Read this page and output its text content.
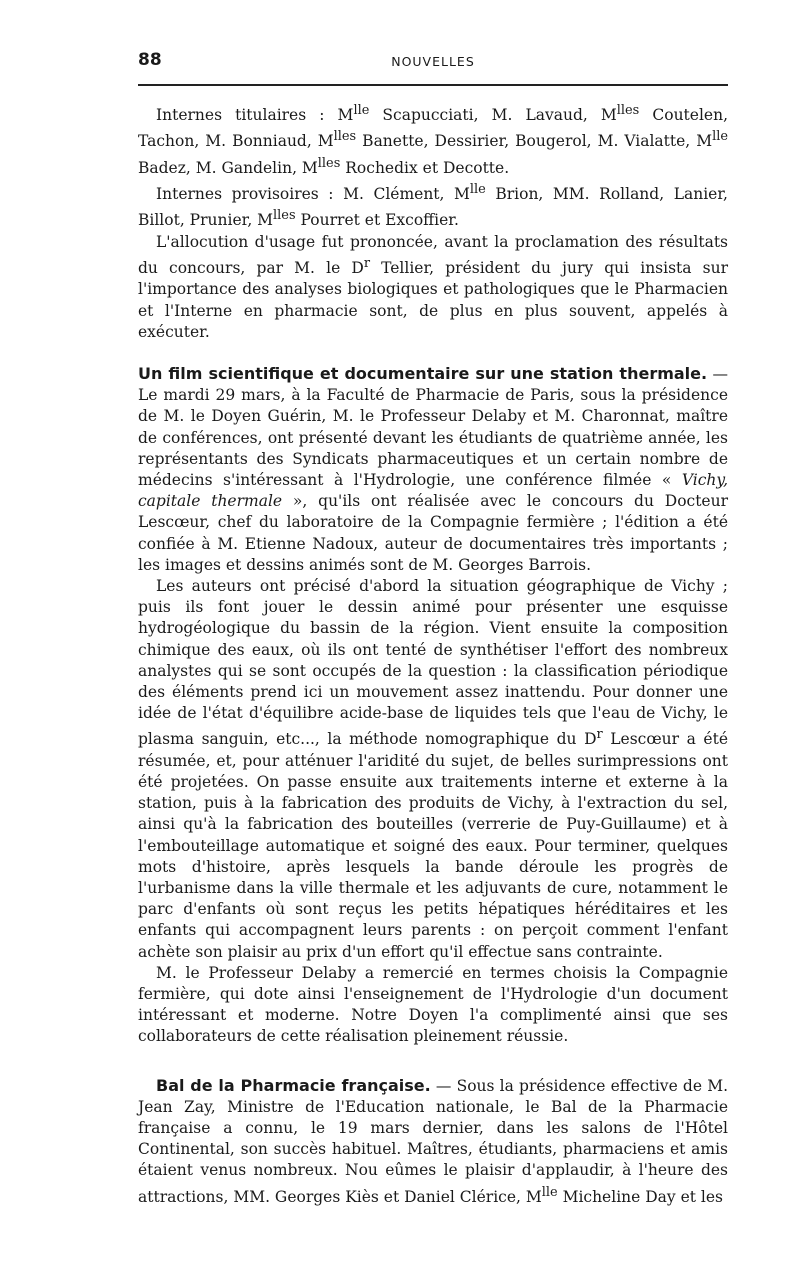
88	NOUVELLES

Internes titulaires : $M^{lle}$ Scapucciati, M. Lavaud, $M^{lles}$ Coutelen, Tachon, M. Bonniaud, $M^{lles}$ Banette, Dessirier, Bougerol, M. Vialatte, $M^{lle}$ Badez, M. Gandelin, $M^{lles}$ Rochedix et Decotte.

Internes provisoires : M. Clément, $M^{lle}$ Brion, MM. Rolland, Lanier, Billot, Prunier, $M^{lles}$ Pourret et Excoffier.

L'allocution d'usage fut prononcée, avant la proclamation des résultats du concours, par M. le $D^r$ Tellier, président du jury qui insista sur l'importance des analyses biologiques et pathologiques que le Pharmacien et l'Interne en pharmacie sont, de plus en plus souvent, appelés à exécuter.

Un film scientifique et documentaire sur une station thermale. — Le mardi 29 mars, à la Faculté de Pharmacie de Paris, sous la présidence de M. le Doyen Guérin, M. le Professeur Delaby et M. Charonnat, maître de conférences, ont présenté devant les étudiants de quatrième année, les représentants des Syndicats pharmaceutiques et un certain nombre de médecins s'intéressant à l'Hydrologie, une conférence filmée « Vichy, capitale thermale », qu'ils ont réalisée avec le concours du Docteur Lescœur, chef du laboratoire de la Compagnie fermière ; l'édition a été confiée à M. Etienne Nadoux, auteur de documentaires très importants ; les images et dessins animés sont de M. Georges Barrois.

Les auteurs ont précisé d'abord la situation géographique de Vichy ; puis ils font jouer le dessin animé pour présenter une esquisse hydrogéologique du bassin de la région. Vient ensuite la composition chimique des eaux, où ils ont tenté de synthétiser l'effort des nombreux analystes qui se sont occupés de la question : la classification périodique des éléments prend ici un mouvement assez inattendu. Pour donner une idée de l'état d'équilibre acide-base de liquides tels que l'eau de Vichy, le plasma sanguin, etc..., la méthode nomographique du $D^r$ Lescœur a été résumée, et, pour atténuer l'aridité du sujet, de belles surimpressions ont été projetées. On passe ensuite aux traitements interne et externe à la station, puis à la fabrication des produits de Vichy, à l'extraction du sel, ainsi qu'à la fabrication des bouteilles (verrerie de Puy-Guillaume) et à l'embouteillage automatique et soigné des eaux. Pour terminer, quelques mots d'histoire, après lesquels la bande déroule les progrès de l'urbanisme dans la ville thermale et les adjuvants de cure, notamment le parc d'enfants où sont reçus les petits hépatiques héréditaires et les enfants qui accompagnent leurs parents : on perçoit comment l'enfant achète son plaisir au prix d'un effort qu'il effectue sans contrainte.

M. le Professeur Delaby a remercié en termes choisis la Compagnie fermière, qui dote ainsi l'enseignement de l'Hydrologie d'un document intéressant et moderne. Notre Doyen l'a complimenté ainsi que ses collaborateurs de cette réalisation pleinement réussie.

Bal de la Pharmacie française. — Sous la présidence effective de M. Jean Zay, Ministre de l'Education nationale, le Bal de la Pharmacie française a connu, le 19 mars dernier, dans les salons de l'Hôtel Continental, son succès habituel. Maîtres, étudiants, pharmaciens et amis étaient venus nombreux. Nou eûmes le plaisir d'applaudir, à l'heure des attractions, MM. Georges Kiès et Daniel Clérice, $M^{lle}$ Micheline Day et les
